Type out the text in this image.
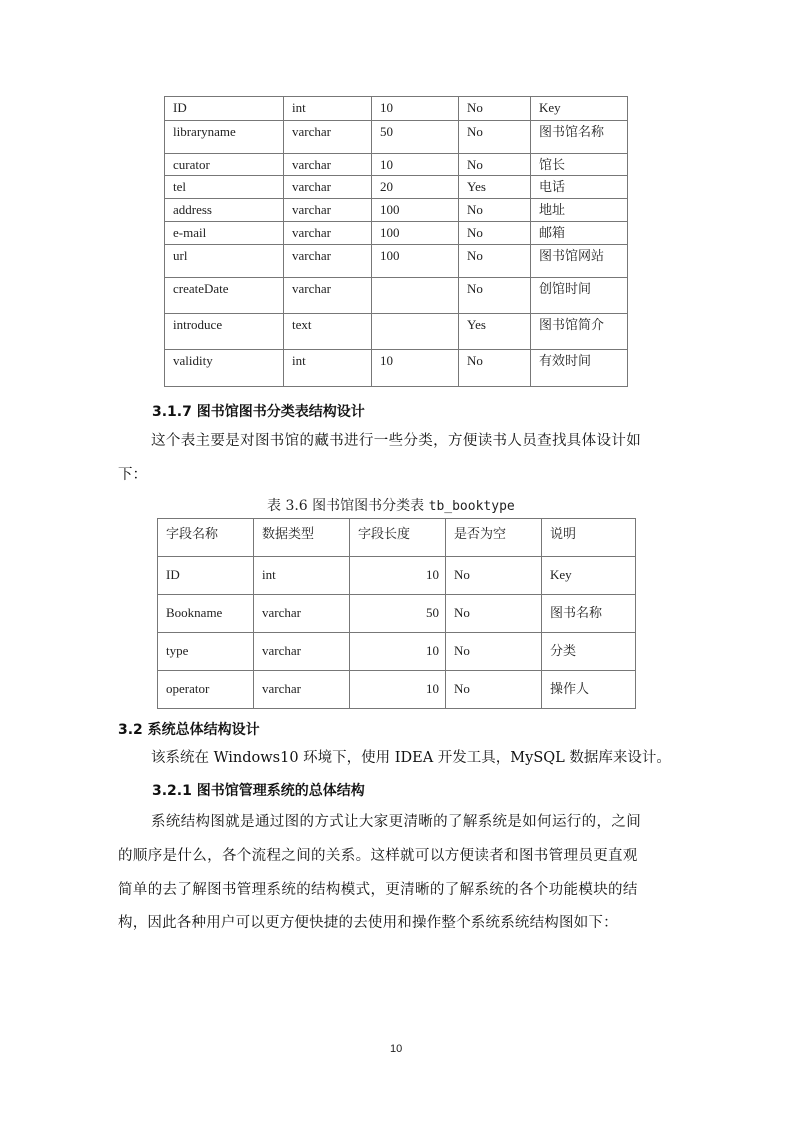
ID	int	10	No	Key
libraryname	varchar	50	No	图书馆名称
curator	varchar	10	No	馆长
tel	varchar	20	Yes	电话
address	varchar	100	No	地址
e-mail	varchar	100	No	邮箱
url	varchar	100	No	图书馆网站
createDate	varchar		No	创馆时间
introduce	text		Yes	图书馆简介
validity	int	10	No	有效时间
3.1.7 图书馆图书分类表结构设计
这个表主要是对图书馆的藏书进行一些分类，方便读书人员查找具体设计如
下：
表 3.6 图书馆图书分类表 tb_booktype
字段名称	数据类型	字段长度	是否为空	说明
ID	int	10	No	Key
Bookname	varchar	50	No	图书名称
type	varchar	10	No	分类
operator	varchar	10	No	操作人
3.2 系统总体结构设计
该系统在 Windows10 环境下，使用 IDEA 开发工具，MySQL 数据库来设计。
3.2.1 图书馆管理系统的总体结构
系统结构图就是通过图的方式让大家更清晰的了解系统是如何运行的，之间
的顺序是什么，各个流程之间的关系。这样就可以方便读者和图书管理员更直观
简单的去了解图书管理系统的结构模式，更清晰的了解系统的各个功能模块的结
构，因此各种用户可以更方便快捷的去使用和操作整个系统系统结构图如下：
10
